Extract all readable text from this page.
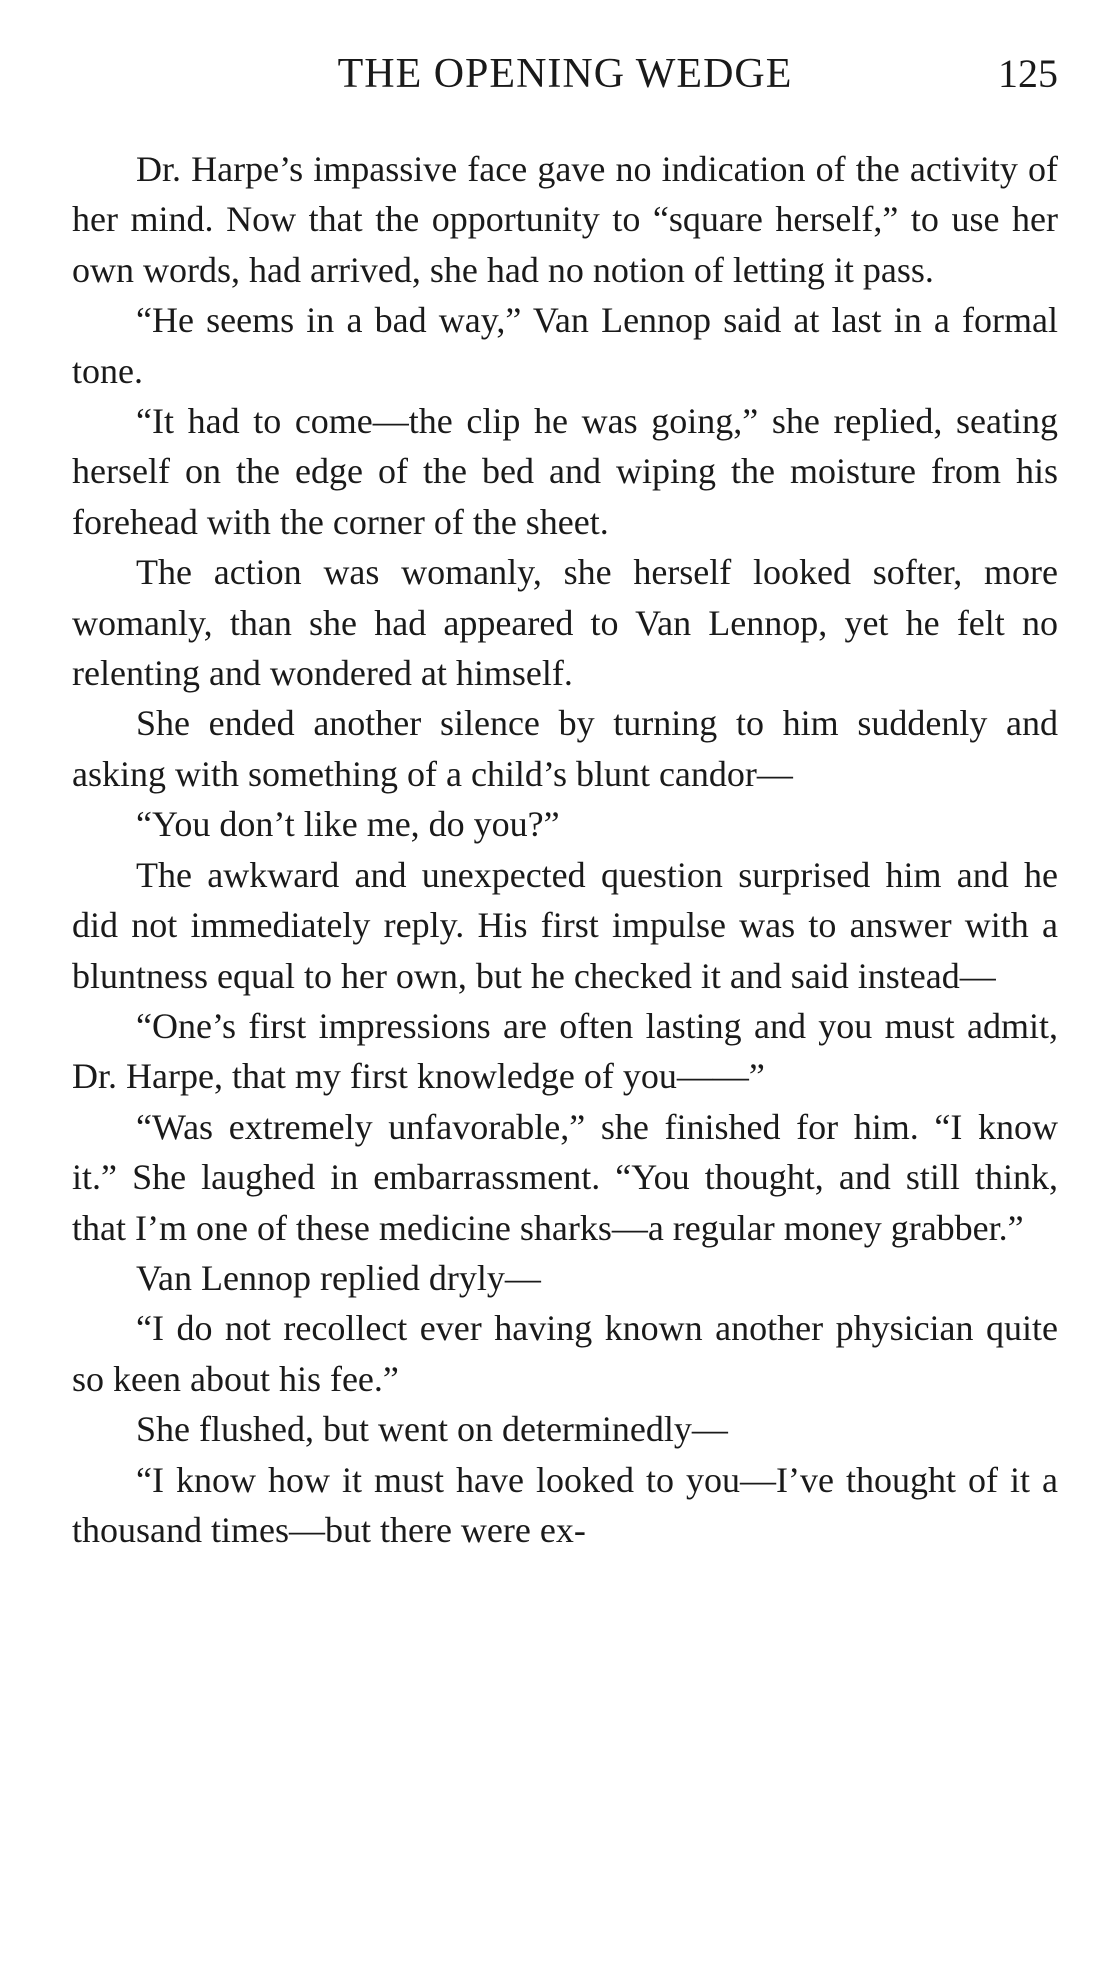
THE OPENING WEDGE	125

Dr. Harpe’s impassive face gave no indication of the activity of her mind. Now that the opportunity to “square herself,” to use her own words, had arrived, she had no notion of letting it pass.

“He seems in a bad way,” Van Lennop said at last in a formal tone.

“It had to come—the clip he was going,” she replied, seating herself on the edge of the bed and wiping the moisture from his forehead with the corner of the sheet.

The action was womanly, she herself looked softer, more womanly, than she had appeared to Van Lennop, yet he felt no relenting and wondered at himself.

She ended another silence by turning to him suddenly and asking with something of a child’s blunt candor—

“You don’t like me, do you?”

The awkward and unexpected question surprised him and he did not immediately reply. His first impulse was to answer with a bluntness equal to her own, but he checked it and said instead—

“One’s first impressions are often lasting and you must admit, Dr. Harpe, that my first knowledge of you——”

“Was extremely unfavorable,” she finished for him. “I know it.” She laughed in embarrassment. “You thought, and still think, that I’m one of these medicine sharks—a regular money grabber.”

Van Lennop replied dryly—

“I do not recollect ever having known another physician quite so keen about his fee.”

She flushed, but went on determinedly—

“I know how it must have looked to you—I’ve thought of it a thousand times—but there were ex-
